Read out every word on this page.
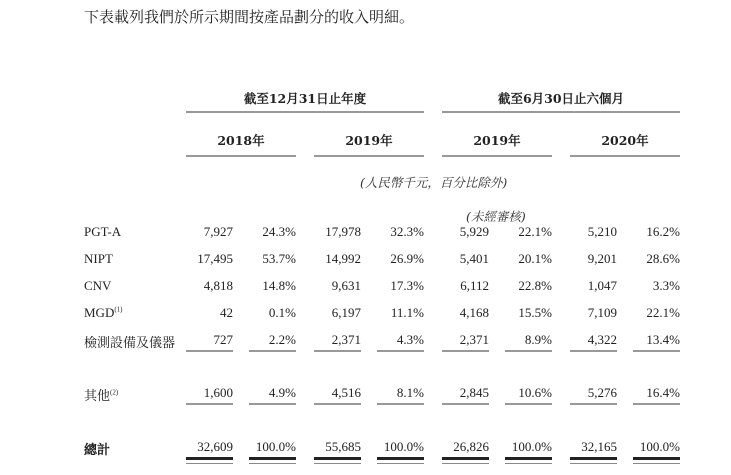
下表載列我們於所示期間按產品劃分的收入明細。
截至12月31日止年度	截至6月30日止六個月
2018年	2019年	2019年	2020年
(人民幣千元，百分比除外)
(未經審核)
PGT-A	7,927	24.3%	17,978	32.3%	5,929	22.1%	5,210	16.2%
NIPT	17,495	53.7%	14,992	26.9%	5,401	20.1%	9,201	28.6%
CNV	4,818	14.8%	9,631	17.3%	6,112	22.8%	1,047	3.3%
MGD$^{(1)}$	42	0.1%	6,197	11.1%	4,168	15.5%	7,109	22.1%
檢測設備及儀器	727	2.2%	2,371	4.3%	2,371	8.9%	4,322	13.4%
其他$^{(2)}$	1,600	4.9%	4,516	8.1%	2,845	10.6%	5,276	16.4%
總計	32,609	100.0%	55,685	100.0%	26,826	100.0%	32,165	100.0%
